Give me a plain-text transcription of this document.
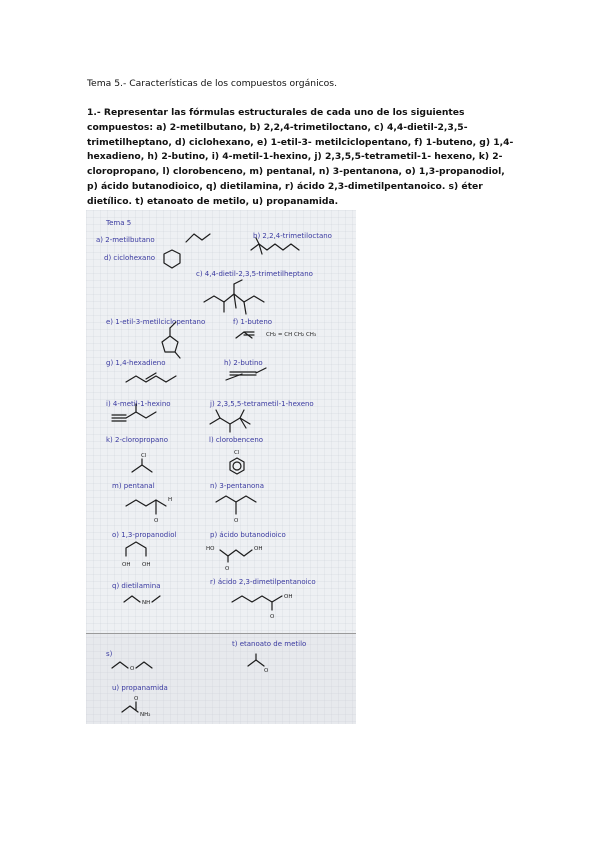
Tema 5.- Características de los compuestos orgánicos.
1.- Representar las fórmulas estructurales de cada uno de los siguientes compuestos: a) 2-metilbutano, b) 2,2,4-trimetiloctano, c) 4,4-dietil-2,3,5-trimetilheptano, d) ciclohexano, e) 1-etil-3- metilciclopentano, f) 1-buteno, g) 1,4-hexadieno, h) 2-butino, i) 4-metil-1-hexino, j) 2,3,5,5-tetrametil-1- hexeno, k) 2-cloropropano, l) clorobenceno, m) pentanal, n) 3-pentanona, o) 1,3-propanodiol, p) ácido butanodioico, q) dietilamina, r) ácido 2,3-dimetilpentanoico. s) éter dietílico. t) etanoato de metilo, u) propanamida.
Tema 5
a) 2-metilbutano	b) 2,2,4-trimetiloctano
d) ciclohexano
c) 4,4-dietil-2,3,5-trimetilheptano
e) 1-etil-3-metilciclopentano	f) 1-buteno
CH₂ = CH CH₂ CH₃
g) 1,4-hexadieno	h) 2-butino
i) 4-metil-1-hexino	j) 2,3,5,5-tetrametil-1-hexeno
k) 2-cloropropano
Cl
l) clorobenceno
Cl
m) pentanal
H
O
n) 3-pentanona
O
o) 1,3-propanodiol
OH OH
p) ácido butanodioico
HO	OH
O
q) dietilamina
NH
r) ácido 2,3-dimetilpentanoico
OH
O
s)
O
t) etanoato de metilo
O
u) propanamida
O
NH₂
